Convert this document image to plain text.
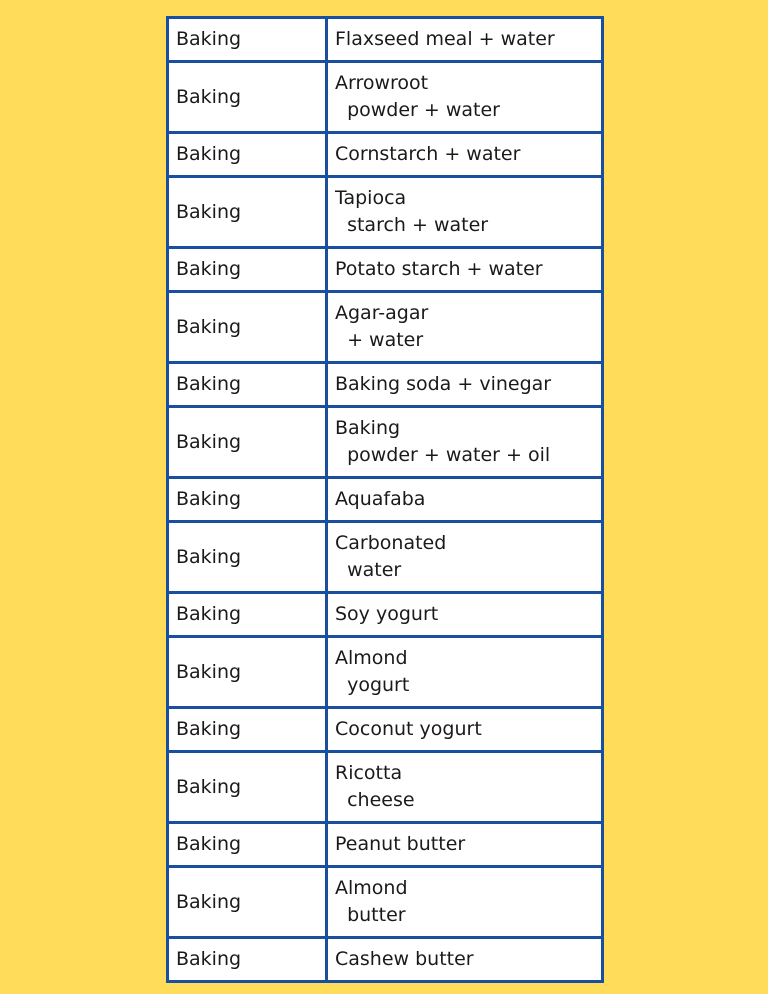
Baking	Flaxseed meal + water

Baking	Arrowroot
powder + water

Baking	Cornstarch + water

Baking	Tapioca
starch + water

Baking	Potato starch + water

Baking	Agar-agar
+ water

Baking	Baking soda + vinegar

Baking	Baking
powder + water + oil

Baking	Aquafaba

Baking	Carbonated
water

Baking	Soy yogurt

Baking	Almond
yogurt

Baking	Coconut yogurt

Baking	Ricotta
cheese

Baking	Peanut butter

Baking	Almond
butter

Baking	Cashew butter
